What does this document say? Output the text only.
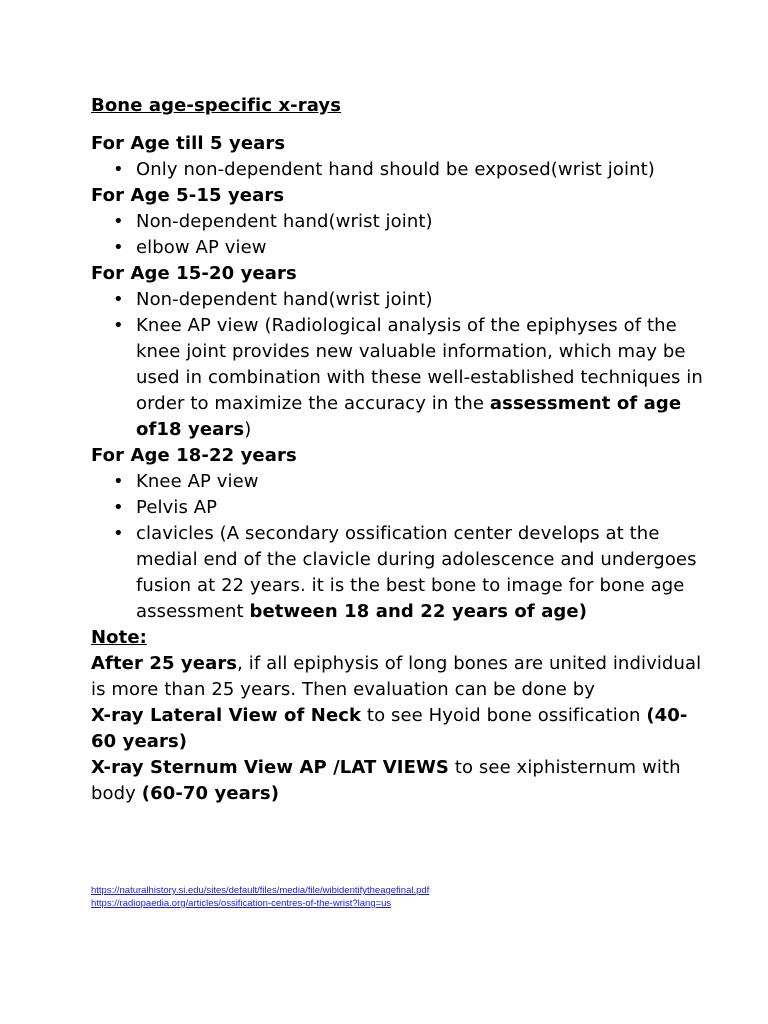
Bone age-specific x-rays
For Age till 5 years
• Only non-dependent hand should be exposed(wrist joint)
For Age 5-15 years
• Non-dependent hand(wrist joint)
• elbow AP view
For Age 15-20 years
• Non-dependent hand(wrist joint)
• Knee AP view (Radiological analysis of the epiphyses of the knee joint provides new valuable information, which may be used in combination with these well-established techniques in order to maximize the accuracy in the assessment of age of18 years)
For Age 18-22 years
• Knee AP view
• Pelvis AP
• clavicles (A secondary ossification center develops at the medial end of the clavicle during adolescence and undergoes fusion at 22 years. it is the best bone to image for bone age assessment between 18 and 22 years of age)
Note:

After 25 years, if all epiphysis of long bones are united individual is more than 25 years. Then evaluation can be done by

X-ray Lateral View of Neck to see Hyoid bone ossification (40-60 years)

X-ray Sternum View AP /LAT VIEWS to see xiphisternum with body (60-70 years)

https://naturalhistory.si.edu/sites/default/files/media/file/wibidentifytheagefinal.pdf
https://radiopaedia.org/articles/ossification-centres-of-the-wrist?lang=us
